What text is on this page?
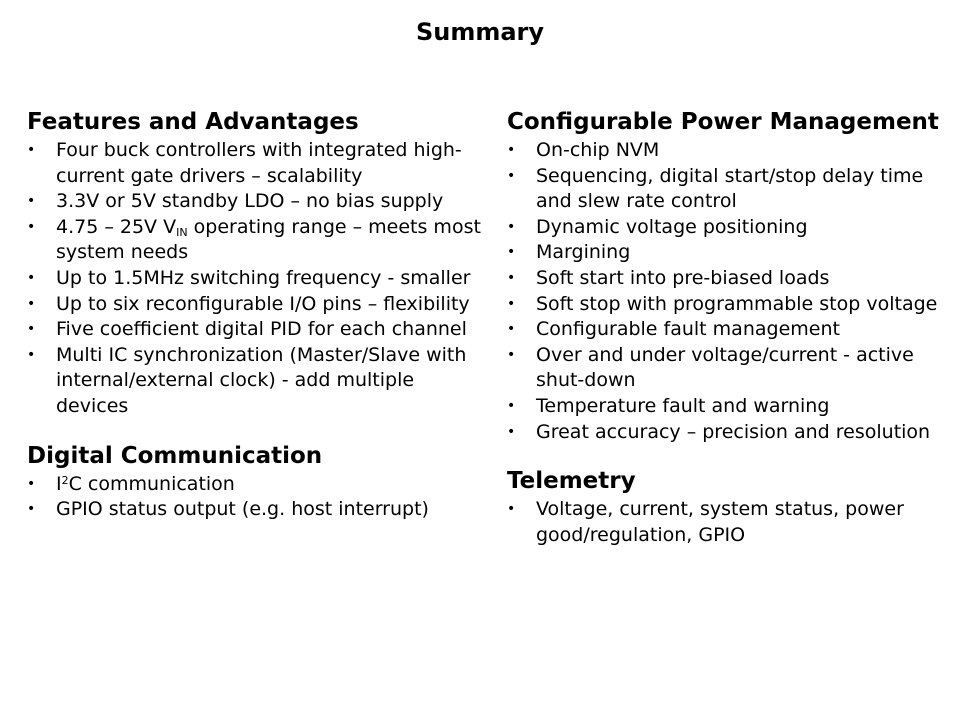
Summary
Features and Advantages
• Four buck controllers with integrated high-current gate drivers – scalability
• 3.3V or 5V standby LDO – no bias supply
• 4.75 – 25V $V_{IN}$ operating range – meets most system needs
• Up to 1.5MHz switching frequency - smaller
• Up to six reconfigurable I/O pins – flexibility
• Five coefficient digital PID for each channel
• Multi IC synchronization (Master/Slave with internal/external clock) - add multiple devices
Digital Communication
• $I^2C$ communication
• GPIO status output (e.g. host interrupt)
Configurable Power Management
• On-chip NVM
• Sequencing, digital start/stop delay time and slew rate control
• Dynamic voltage positioning
• Margining
• Soft start into pre-biased loads
• Soft stop with programmable stop voltage
• Configurable fault management
• Over and under voltage/current - active shut-down
• Temperature fault and warning
• Great accuracy – precision and resolution
Telemetry
• Voltage, current, system status, power good/regulation, GPIO
